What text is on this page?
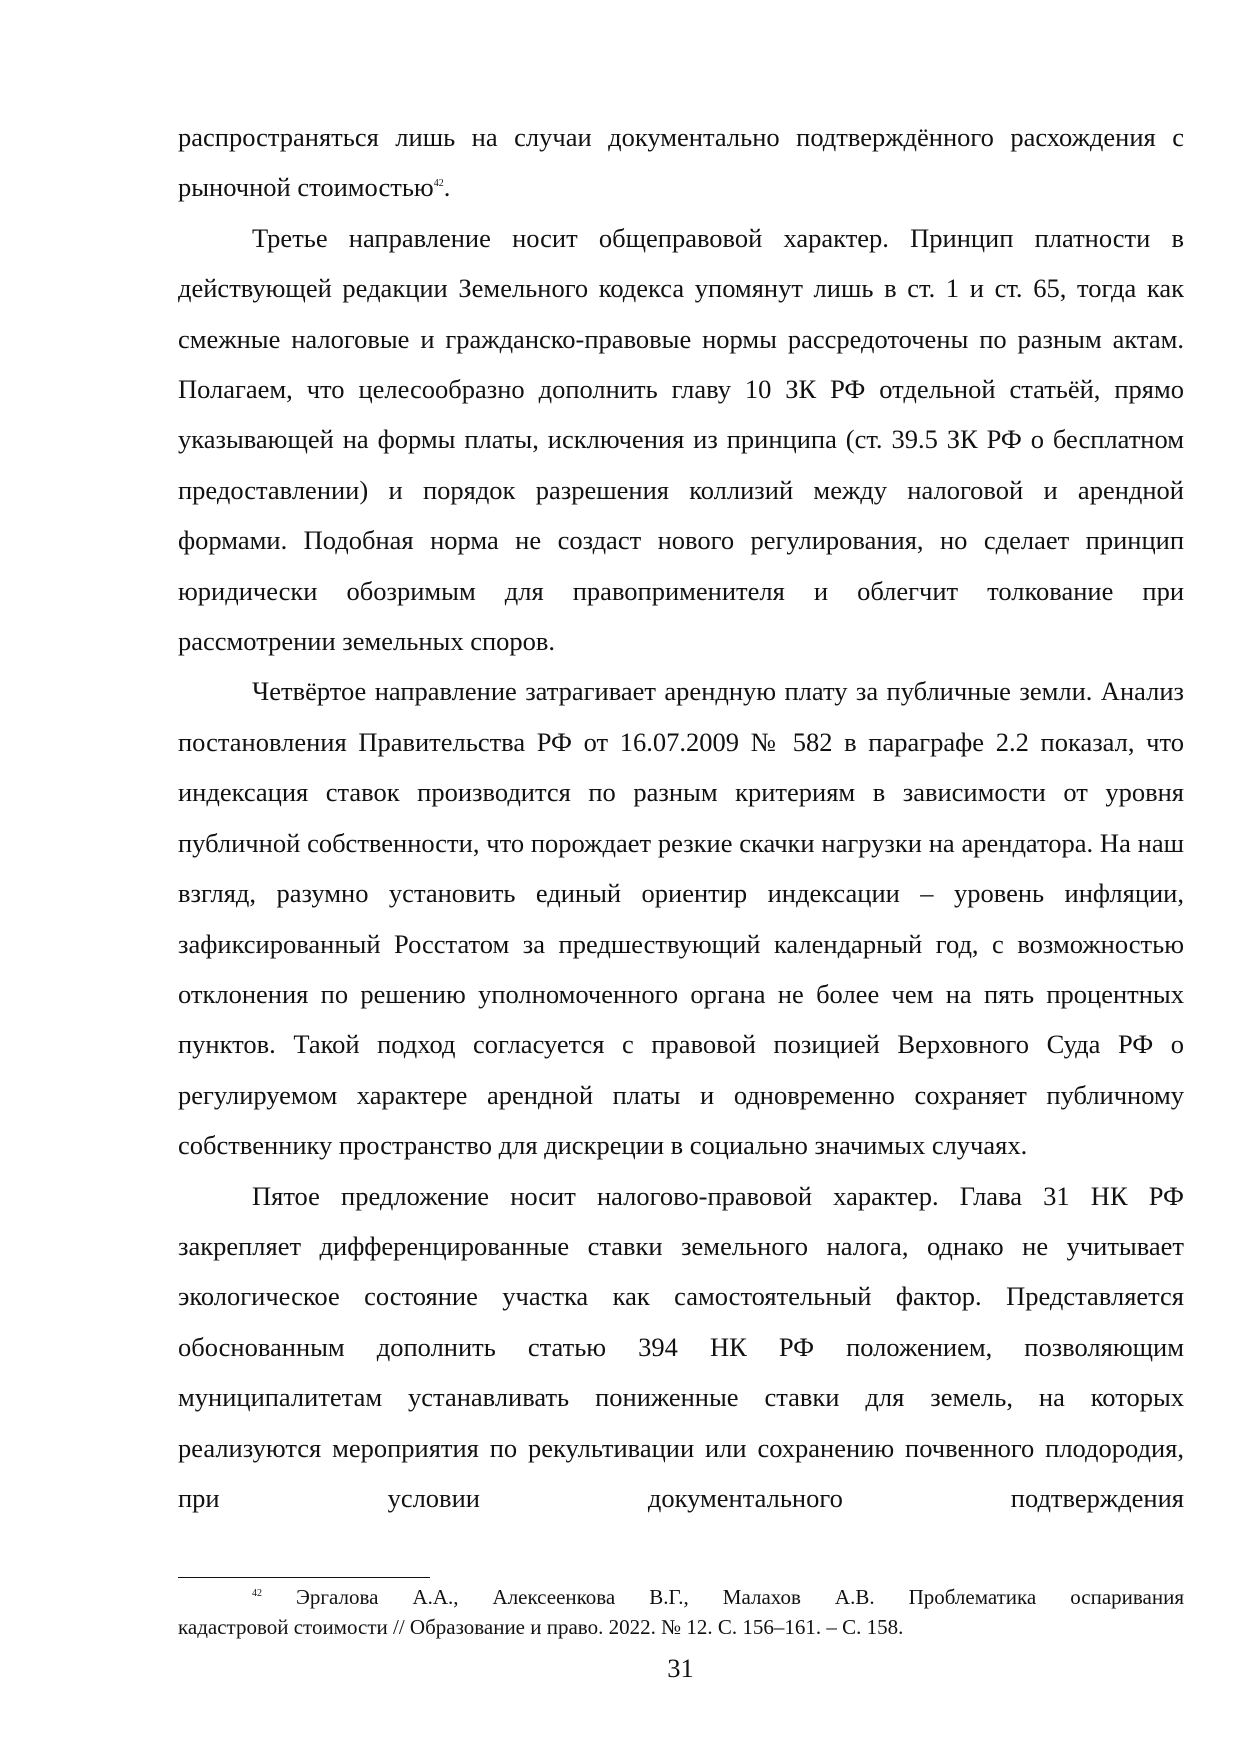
распространяться лишь на случаи документально подтверждённого расхождения с рыночной стоимостью$^{42}$.

Третье направление носит общеправовой характер. Принцип платности в действующей редакции Земельного кодекса упомянут лишь в ст. 1 и ст. 65, тогда как смежные налоговые и гражданско-правовые нормы рассредоточены по разным актам. Полагаем, что целесообразно дополнить главу 10 ЗК РФ отдельной статьёй, прямо указывающей на формы платы, исключения из принципа (ст. 39.5 ЗК РФ о бесплатном предоставлении) и порядок разрешения коллизий между налоговой и арендной формами. Подобная норма не создаст нового регулирования, но сделает принцип юридически обозримым для правоприменителя и облегчит толкование при рассмотрении земельных споров.

Четвёртое направление затрагивает арендную плату за публичные земли. Анализ постановления Правительства РФ от 16.07.2009 № 582 в параграфе 2.2 показал, что индексация ставок производится по разным критериям в зависимости от уровня публичной собственности, что порождает резкие скачки нагрузки на арендатора. На наш взгляд, разумно установить единый ориентир индексации – уровень инфляции, зафиксированный Росстатом за предшествующий календарный год, с возможностью отклонения по решению уполномоченного органа не более чем на пять процентных пунктов. Такой подход согласуется с правовой позицией Верховного Суда РФ о регулируемом характере арендной платы и одновременно сохраняет публичному собственнику пространство для дискреции в социально значимых случаях.

Пятое предложение носит налогово-правовой характер. Глава 31 НК РФ закрепляет дифференцированные ставки земельного налога, однако не учитывает экологическое состояние участка как самостоятельный фактор. Представляется обоснованным дополнить статью 394 НК РФ положением, позволяющим муниципалитетам устанавливать пониженные ставки для земель, на которых реализуются мероприятия по рекультивации или сохранению почвенного плодородия, при условии документального подтверждения

$^{42}$ Эргалова А.А., Алексеенкова В.Г., Малахов А.В. Проблематика оспаривания
кадастровой стоимости // Образование и право. 2022. № 12. С. 156–161. – С. 158.
31
